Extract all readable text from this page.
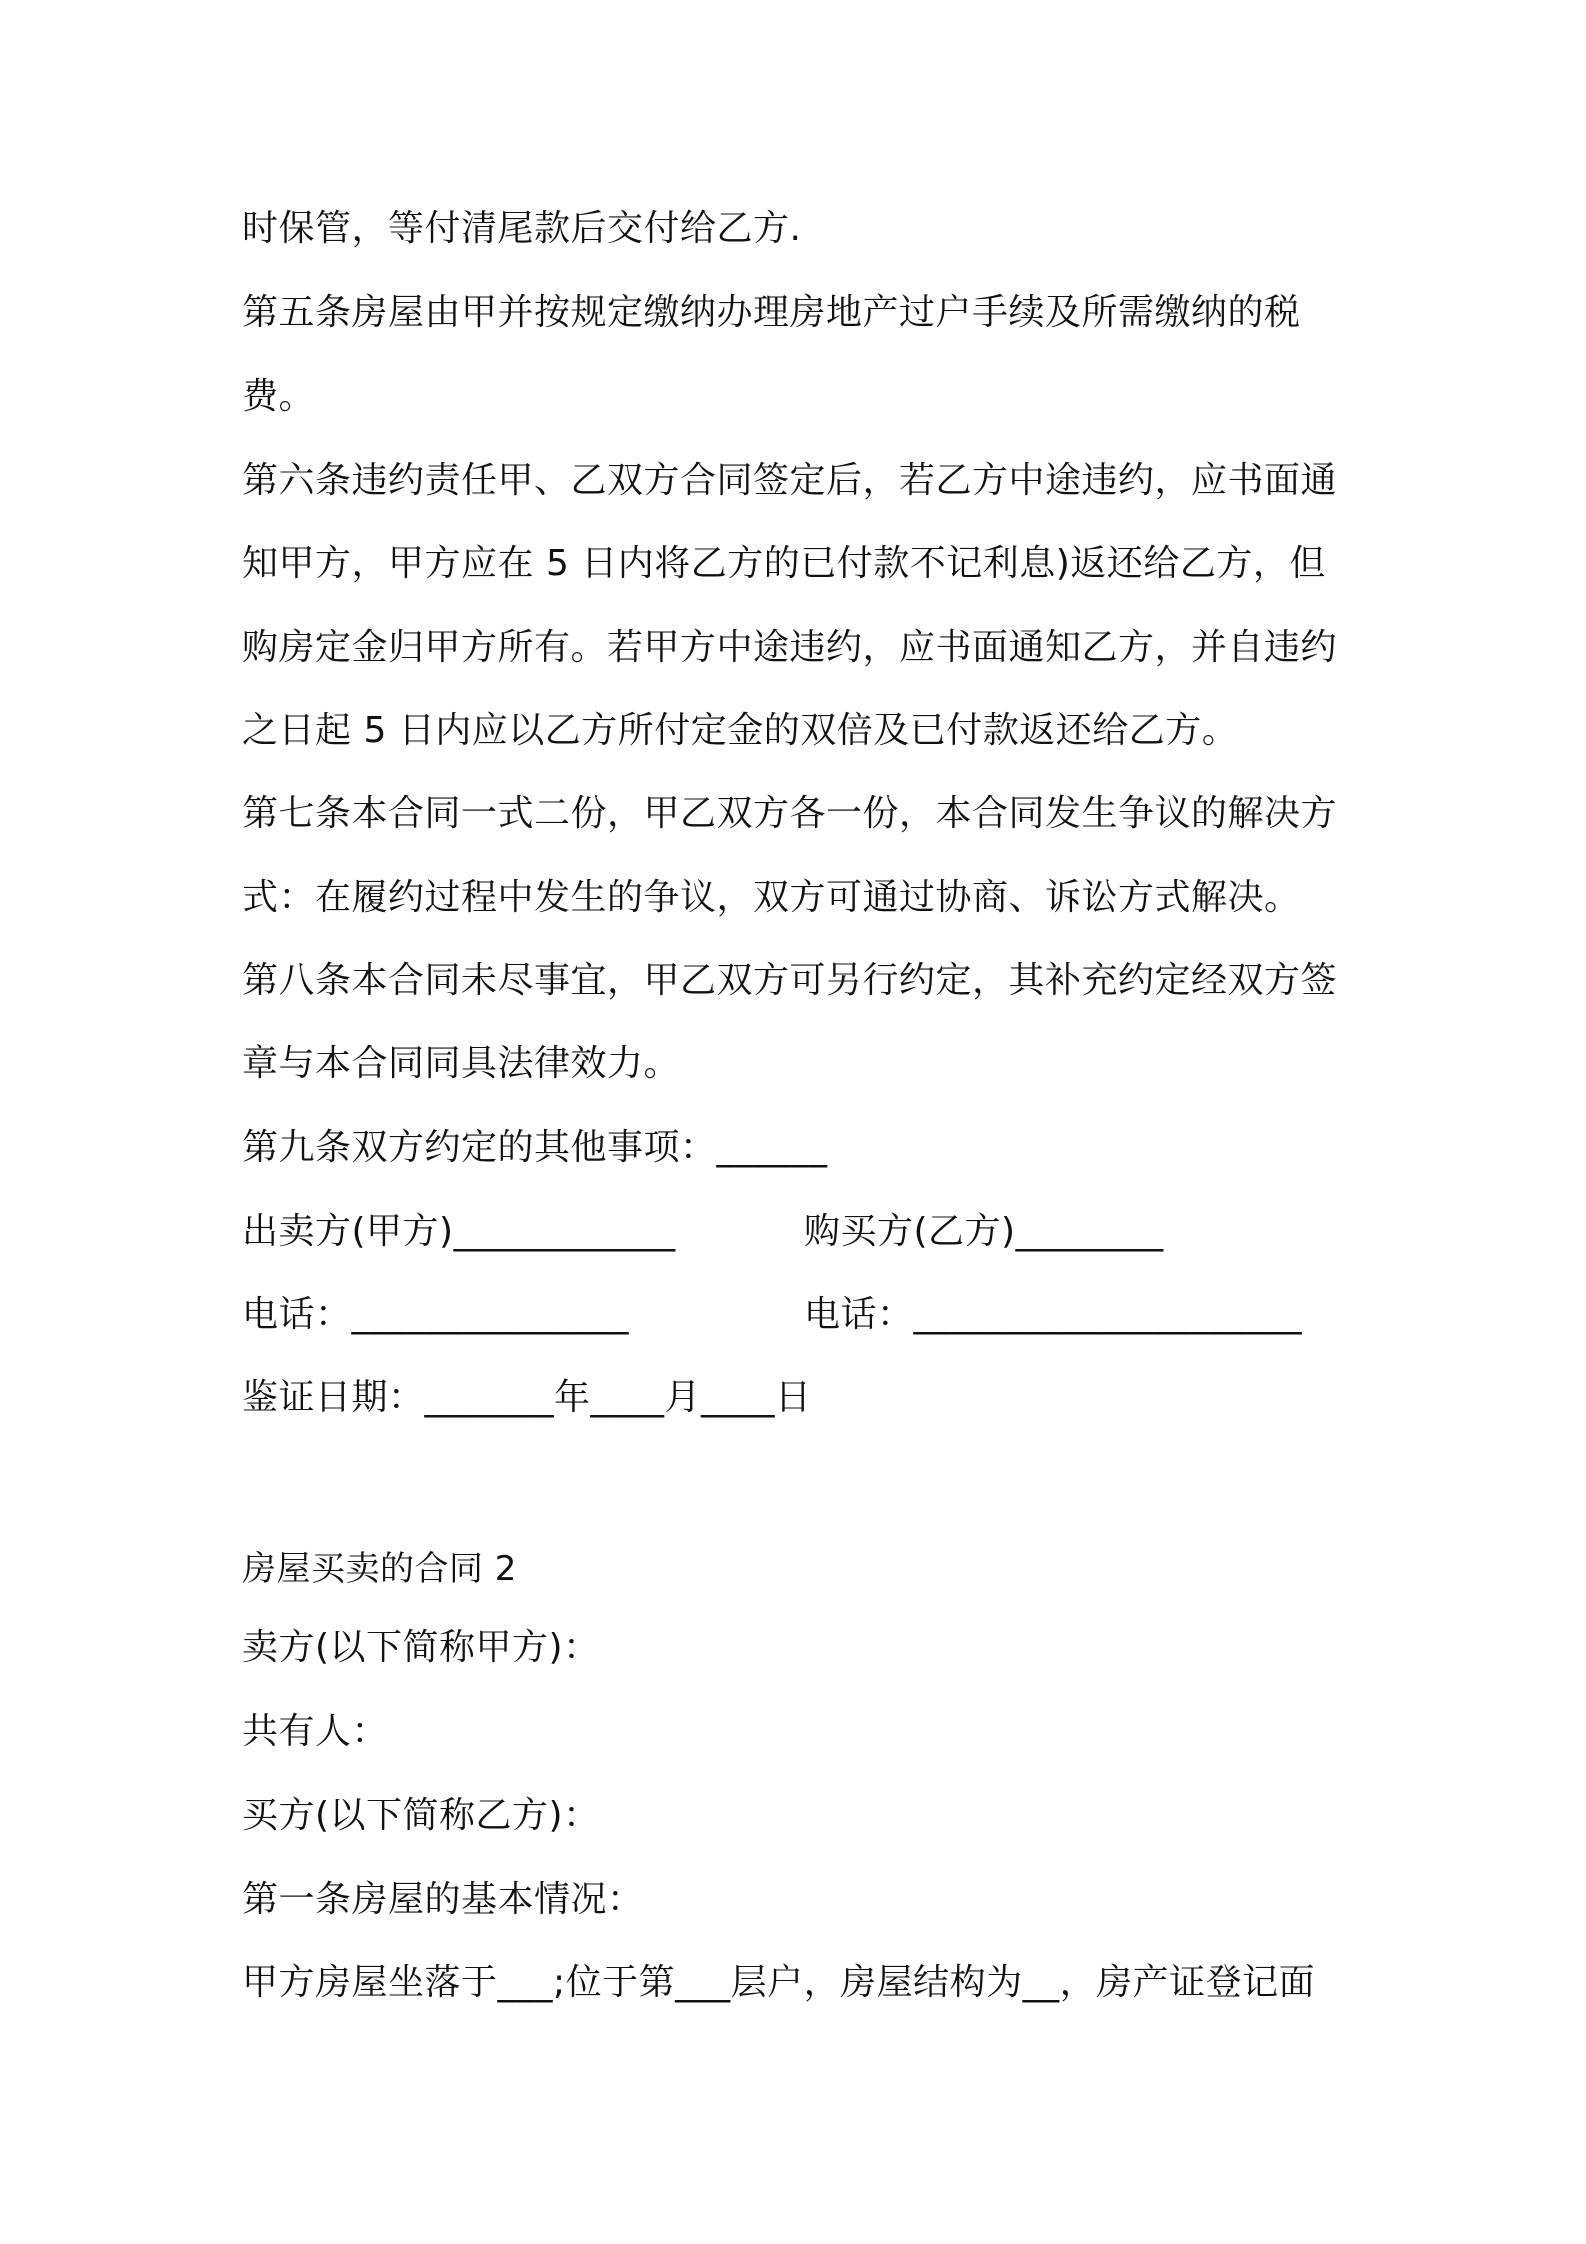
时保管，等付清尾款后交付给乙方.
第五条房屋由甲并按规定缴纳办理房地产过户手续及所需缴纳的税
费。
第六条违约责任甲、乙双方合同签定后，若乙方中途违约，应书面通
知甲方，甲方应在 5 日内将乙方的已付款不记利息)返还给乙方，但
购房定金归甲方所有。若甲方中途违约，应书面通知乙方，并自违约
之日起 5 日内应以乙方所付定金的双倍及已付款返还给乙方。
第七条本合同一式二份，甲乙双方各一份，本合同发生争议的解决方
式：在履约过程中发生的争议，双方可通过协商、诉讼方式解决。
第八条本合同未尽事宜，甲乙双方可另行约定，其补充约定经双方签
章与本合同同具法律效力。
第九条双方约定的其他事项：______
出卖方(甲方)____________	购买方(乙方)________
电话：_______________	电话：_____________________
鉴证日期：_______年____月____日
房屋买卖的合同 2
卖方(以下简称甲方)：
共有人：
买方(以下简称乙方)：
第一条房屋的基本情况：
甲方房屋坐落于___;位于第___层户，房屋结构为__，房产证登记面
